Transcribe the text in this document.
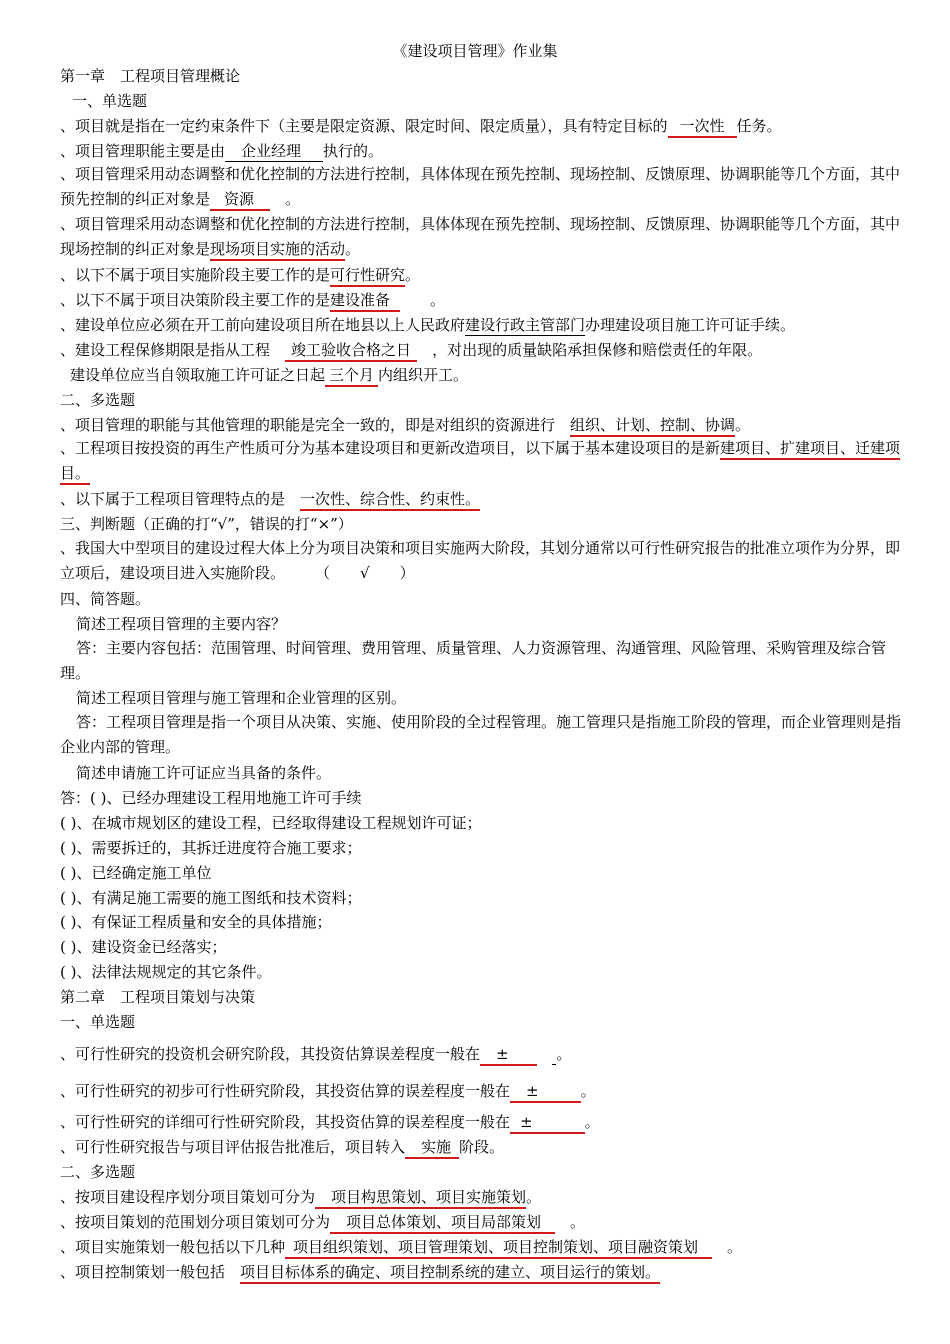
《建设项目管理》作业集
第一章　工程项目管理概论
一、单选题
、项目就是指在一定约束条件下（主要是限定资源、限定时间、限定质量），具有特定目标的 一次性 任务。
、项目管理职能主要是由 企业经理 执行的。
、项目管理采用动态调整和优化控制的方法进行控制，具体体现在预先控制、现场控制、反馈原理、协调职能等几个方面，其中预先控制的纠正对象是 资源　 。
、项目管理采用动态调整和优化控制的方法进行控制，具体体现在预先控制、现场控制、反馈原理、协调职能等几个方面，其中现场控制的纠正对象是现场项目实施的活动。
、以下不属于项目实施阶段主要工作的是可行性研究。
、以下不属于项目决策阶段主要工作的是建设准备　　	。
、建设单位应必须在开工前向建设项目所在地县以上人民政府建设行政主管部门办理建设项目施工许可证手续。
、建设工程保修期限是指从工程　 竣工验收合格之日　 ，对出现的质量缺陷承担保修和赔偿责任的年限。
建设单位应当自领取施工许可证之日起 三个月 内组织开工。
二、多选题
、项目管理的职能与其他管理的职能是完全一致的，即是对组织的资源进行　 组织、计划、控制、协调。
、工程项目按投资的再生产性质可分为基本建设项目和更新改造项目，以下属于基本建设项目的是新建项目、扩建项目、迁建项目。
、以下属于工程项目管理特点的是　 一次性、综合性、约束性。
三、判断题（正确的打“√”，错误的打“×”）
、我国大中型项目的建设过程大体上分为项目决策和项目实施两大阶段，其划分通常以可行性研究报告的批准立项作为分界，即立项后，建设项目进入实施阶段。　　　	（　　√　　）
四、简答题。
简述工程项目管理的主要内容？
答：主要内容包括：范围管理、时间管理、费用管理、质量管理、人力资源管理、沟通管理、风险管理、采购管理及综合管理。
简述工程项目管理与施工管理和企业管理的区别。
答：工程项目管理是指一个项目从决策、实施、使用阶段的全过程管理。施工管理只是指施工阶段的管理，而企业管理则是指企业内部的管理。
简述申请施工许可证应当具备的条件。
答：( )、已经办理建设工程用地施工许可手续
( )、在城市规划区的建设工程，已经取得建设工程规划许可证；
( )、需要拆迁的，其拆迁进度符合施工要求；
( )、已经确定施工单位
( )、有满足施工需要的施工图纸和技术资料；
( )、有保证工程质量和安全的具体措施；
( )、建设资金已经落实；
( )、法律法规规定的其它条件。
第二章　工程项目策划与决策
一、单选题
、可行性研究的投资机会研究阶段，其投资估算误差程度一般在 ±　	。
、可行性研究的初步可行性研究阶段，其投资估算的误差程度一般在 ±	。
、可行性研究的详细可行性研究阶段，其投资估算的误差程度一般在 ±	。
、可行性研究报告与项目评估报告批准后，项目转入 实施 阶段。
二、多选题
、按项目建设程序划分项目策划可分为 项目构思策划、项目实施策划。
、按项目策划的范围划分项目策划可分为 项目总体策划、项目局部策划　 。
、项目实施策划一般包括以下几种 项目组织策划、项目管理策划、项目控制策划、项目融资策划　 。
、项目控制策划一般包括　 项目目标体系的确定、项目控制系统的建立、项目运行的策划。
